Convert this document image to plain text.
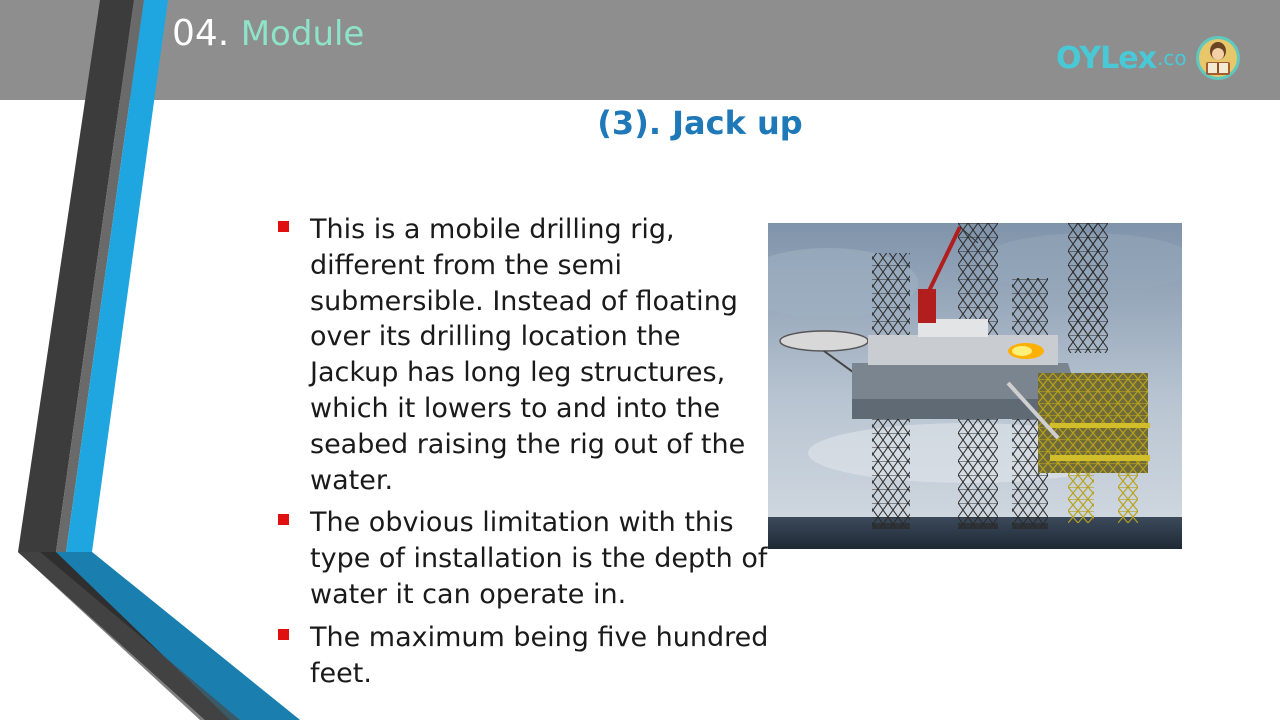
04. Module
OYLex .co
(3). Jack up
This is a mobile drilling rig, different from the semi submersible. Instead of floating over its drilling location the Jackup has long leg structures, which it lowers to and into the seabed raising the rig out of the water.
The obvious limitation with this type of installation is the depth of water it can operate in.
The maximum being five hundred feet.
